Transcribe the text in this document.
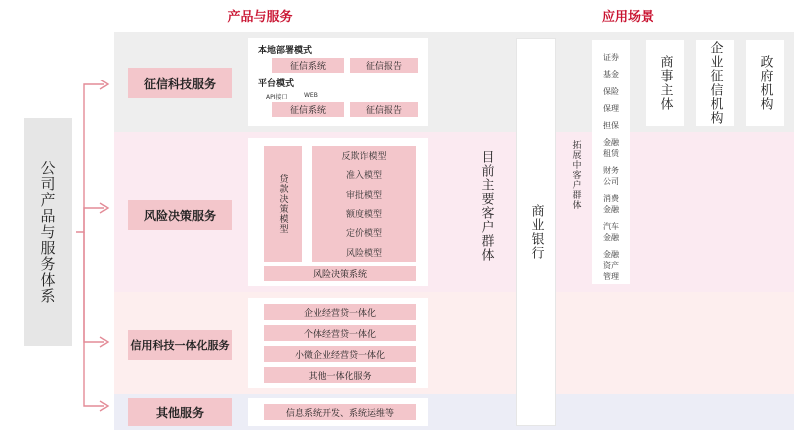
产品与服务	应用场景
公司产品与服务体系
征信科技服务
风险决策服务
信用科技一体化服务
其他服务
本地部署模式
征信系统	征信报告
平台模式
API接口	WEB
征信系统	征信报告
贷款决策模型
反欺诈模型
准入模型
审批模型
额度模型
定价模型
风险模型
风险决策系统
企业经营贷一体化
个体经营贷一体化
小微企业经营贷一体化
其他一体化服务
信息系统开发、系统运维等
目前主要客户群体	商业银行
拓展中客户群体
证券
基金
保险
保理
担保
金融租赁
财务公司
消费金融
汽车金融
金融资产管理
商事主体	企业征信机构	政府机构
